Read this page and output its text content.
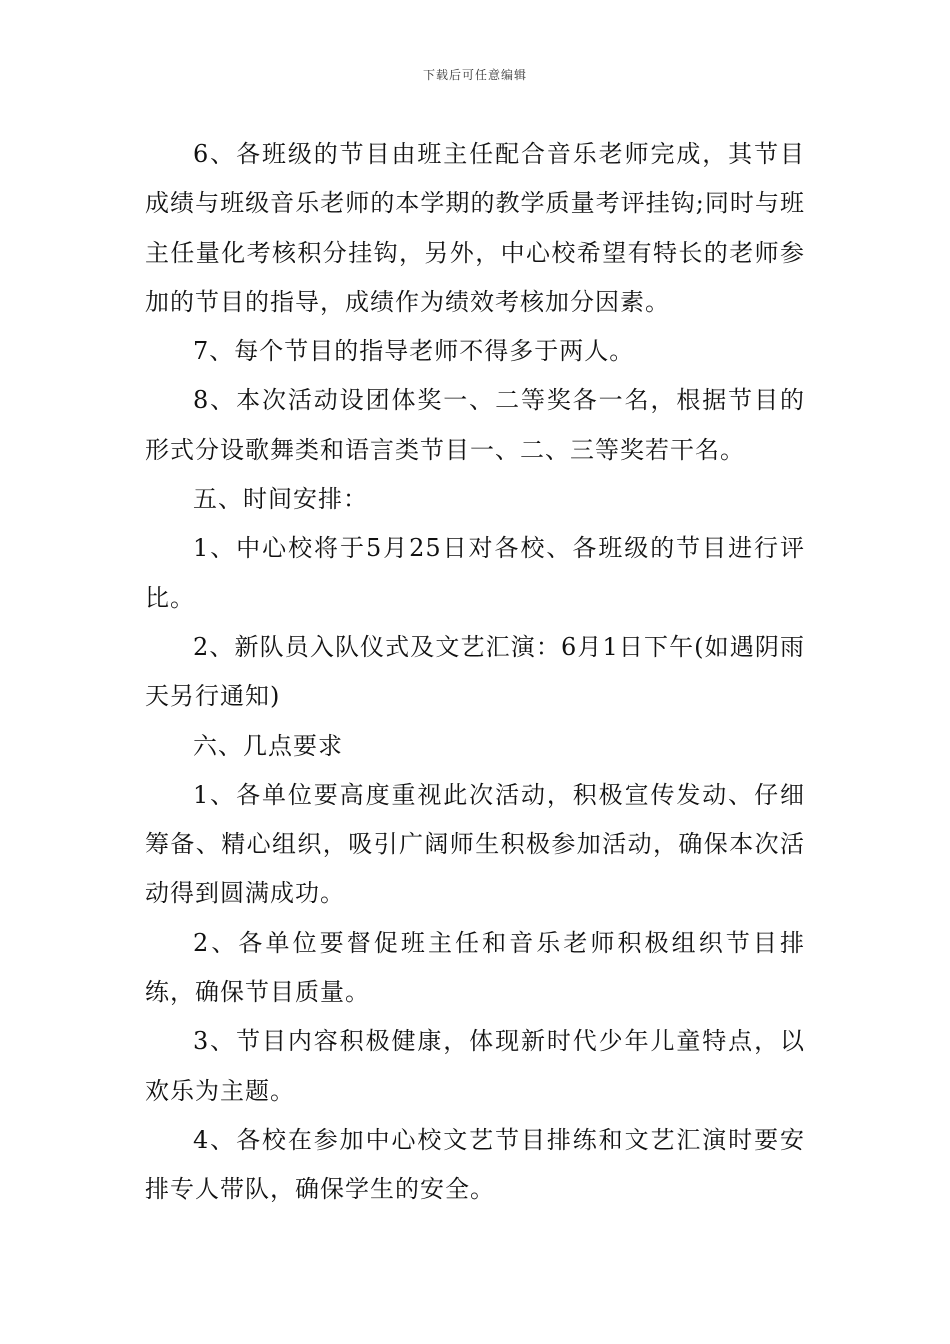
下载后可任意编辑

6、各班级的节目由班主任配合音乐老师完成，其节目成绩与班级音乐老师的本学期的教学质量考评挂钩;同时与班主任量化考核积分挂钩，另外，中心校希望有特长的老师参加的节目的指导，成绩作为绩效考核加分因素。

7、每个节目的指导老师不得多于两人。

8、本次活动设团体奖一、二等奖各一名，根据节目的形式分设歌舞类和语言类节目一、二、三等奖若干名。

五、时间安排：

1、中心校将于5月25日对各校、各班级的节目进行评比。

2、新队员入队仪式及文艺汇演：6月1日下午(如遇阴雨天另行通知)

六、几点要求

1、各单位要高度重视此次活动，积极宣传发动、仔细筹备、精心组织，吸引广阔师生积极参加活动，确保本次活动得到圆满成功。

2、各单位要督促班主任和音乐老师积极组织节目排练，确保节目质量。

3、节目内容积极健康，体现新时代少年儿童特点，以欢乐为主题。

4、各校在参加中心校文艺节目排练和文艺汇演时要安排专人带队，确保学生的安全。
